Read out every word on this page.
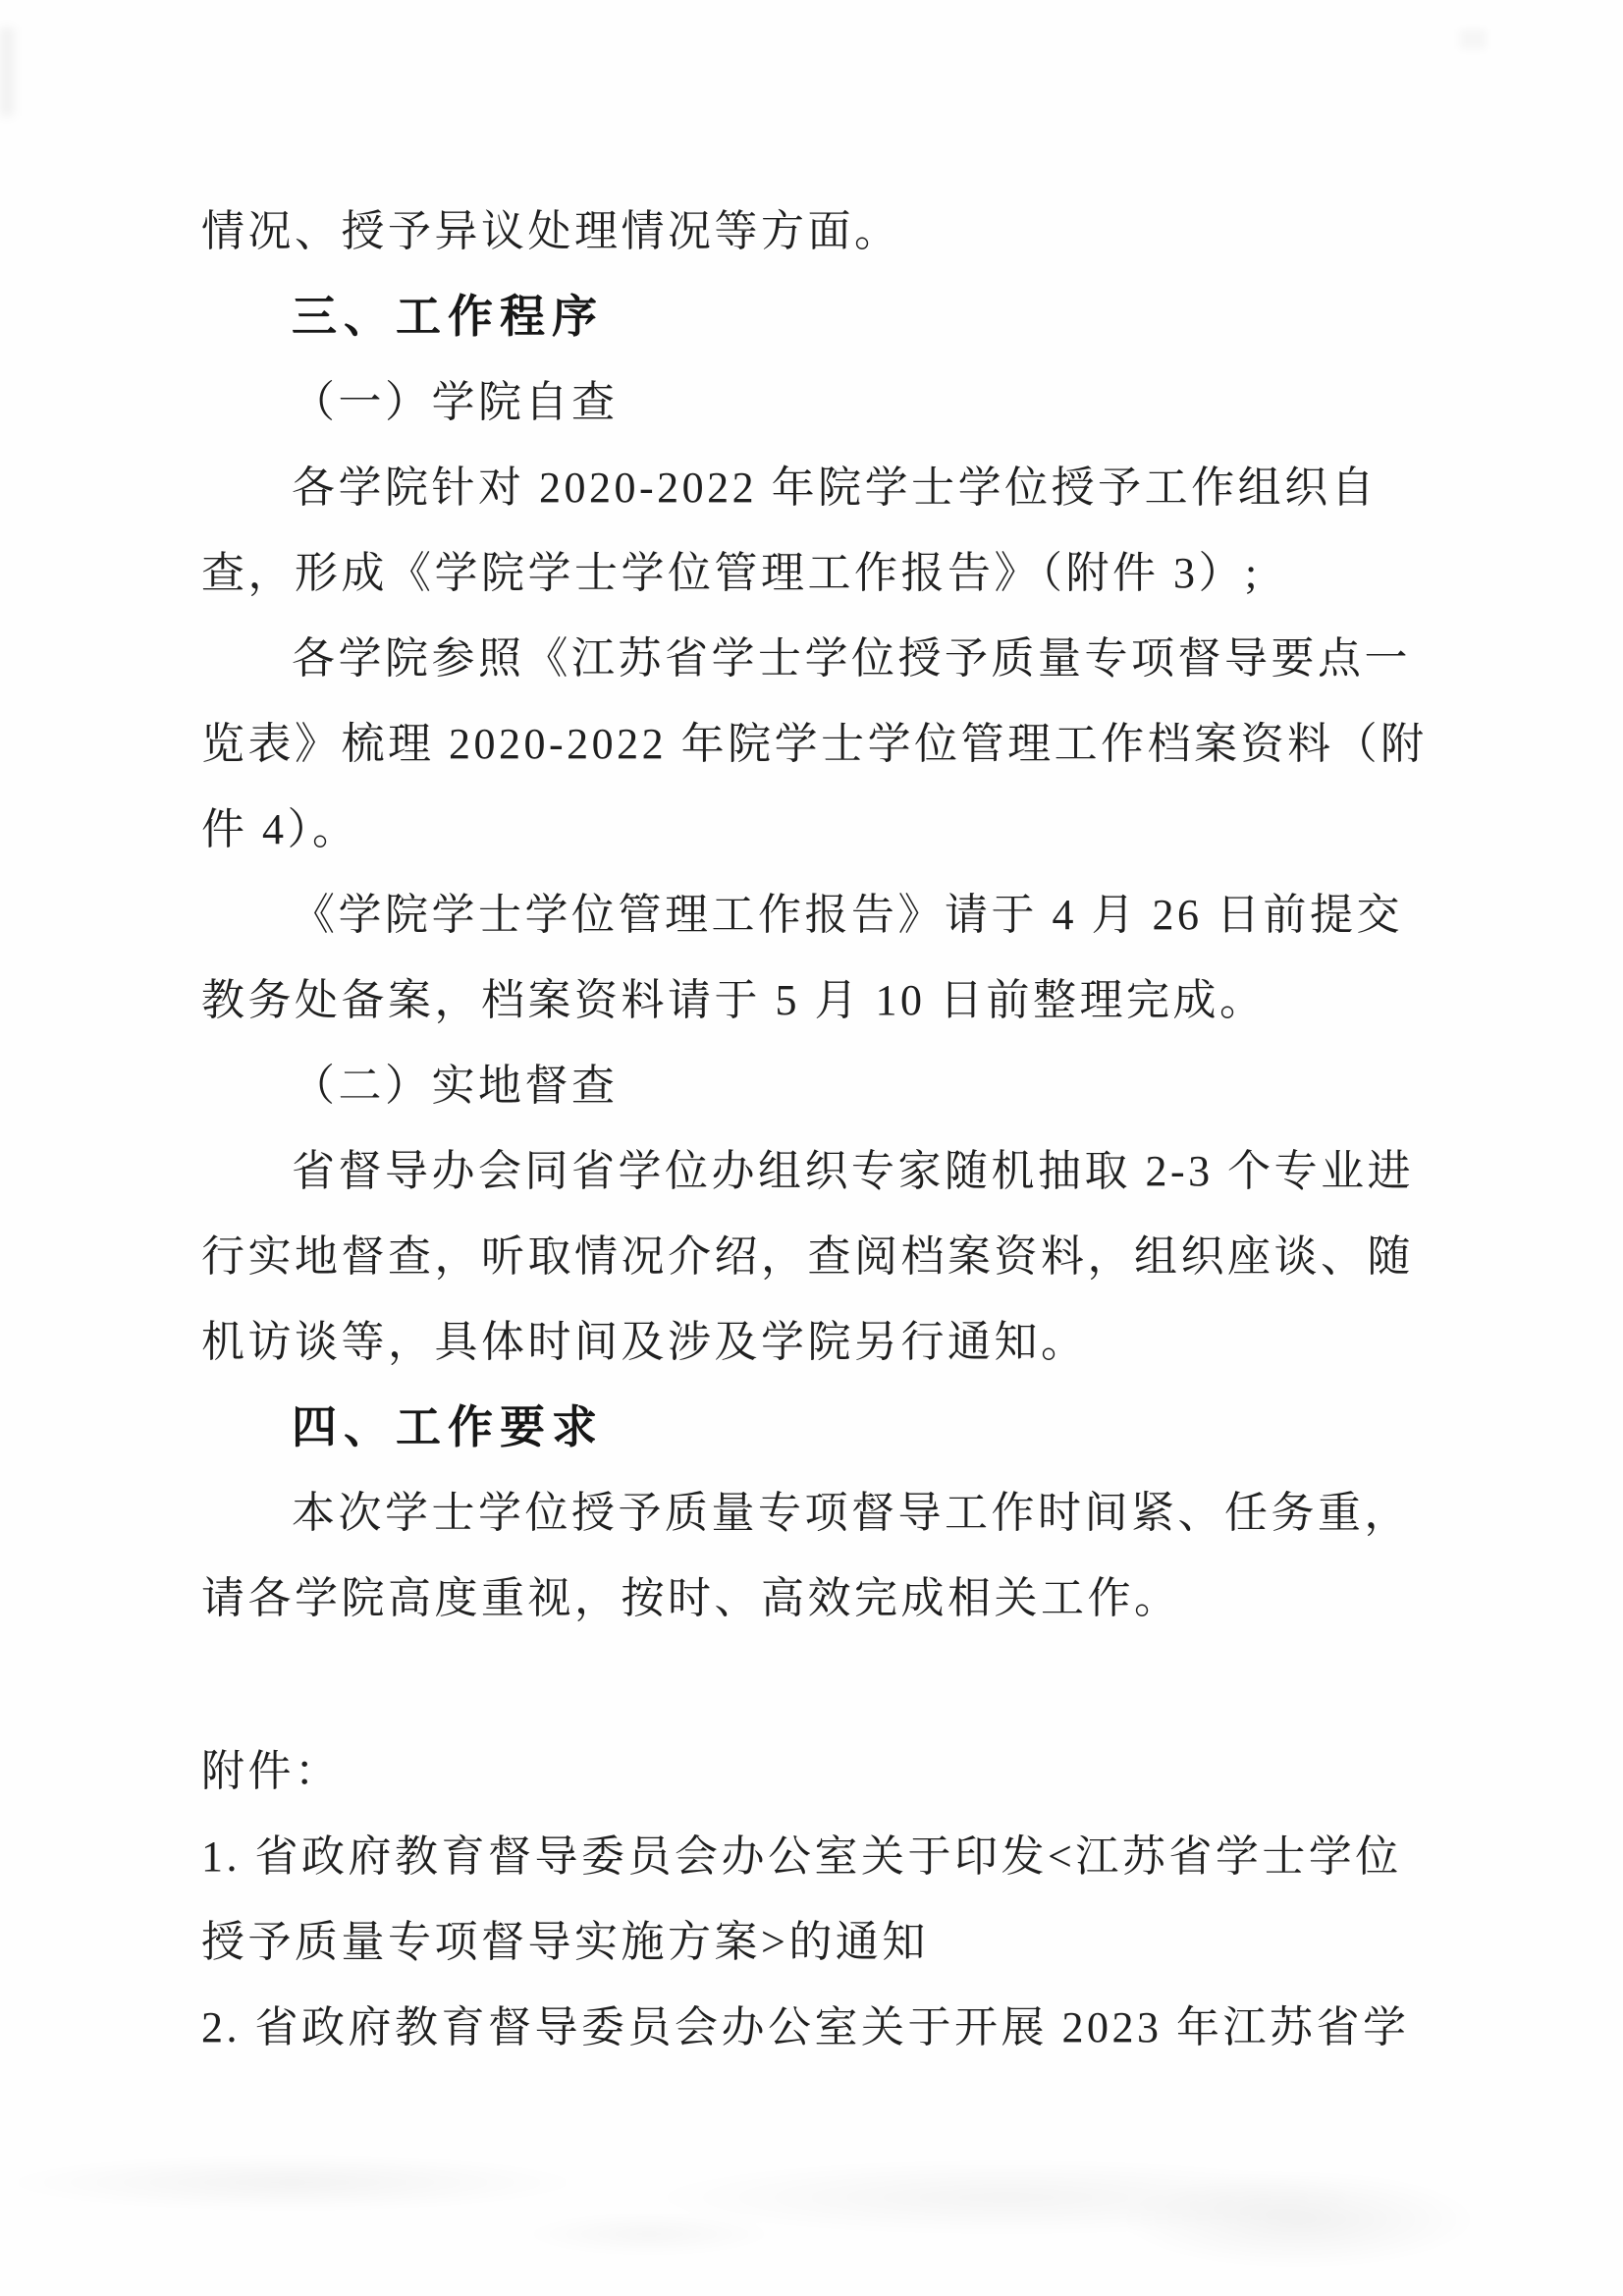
情况、授予异议处理情况等方面。

三、工作程序

（一）学院自查

各学院针对 2020-2022 年院学士学位授予工作组织自

查，形成《学院学士学位管理工作报告》（附件 3）;

各学院参照《江苏省学士学位授予质量专项督导要点一

览表》梳理 2020-2022 年院学士学位管理工作档案资料（附

件 4）。

《学院学士学位管理工作报告》请于 4 月 26 日前提交

教务处备案，档案资料请于 5 月 10 日前整理完成。

（二）实地督查

省督导办会同省学位办组织专家随机抽取 2-3 个专业进

行实地督查，听取情况介绍，查阅档案资料，组织座谈、随

机访谈等，具体时间及涉及学院另行通知。

四、工作要求

本次学士学位授予质量专项督导工作时间紧、任务重，

请各学院高度重视，按时、高效完成相关工作。

附件：

1. 省政府教育督导委员会办公室关于印发<江苏省学士学位

授予质量专项督导实施方案>的通知

2. 省政府教育督导委员会办公室关于开展 2023 年江苏省学
